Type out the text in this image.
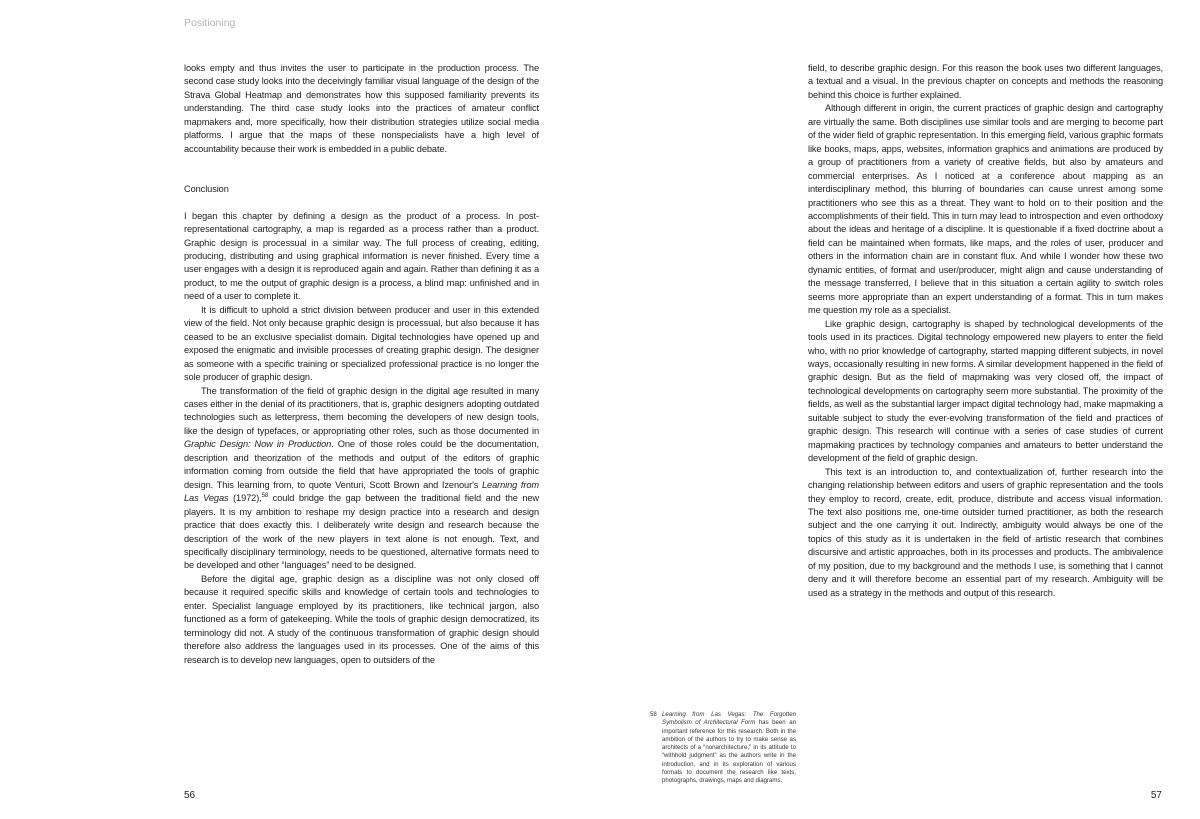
Positioning

looks empty and thus invites the user to participate in the production process. The second case study looks into the deceivingly familiar visual language of the design of the Strava Global Heatmap and demonstrates how this supposed familiarity prevents its understanding. The third case study looks into the practices of amateur conflict mapmakers and, more specifically, how their distribution strategies utilize social media platforms. I argue that the maps of these nonspecialists have a high level of accountability because their work is embedded in a public debate.

Conclusion

I began this chapter by defining a design as the product of a process. In post-representational cartography, a map is regarded as a process rather than a product. Graphic design is processual in a similar way. The full process of creating, editing, producing, distributing and using graphical information is never finished. Every time a user engages with a design it is reproduced again and again. Rather than defining it as a product, to me the output of graphic design is a process, a blind map: unfinished and in need of a user to complete it.

It is difficult to uphold a strict division between producer and user in this extended view of the field. Not only because graphic design is processual, but also because it has ceased to be an exclusive specialist domain. Digital technologies have opened up and exposed the enigmatic and invisible processes of creating graphic design. The designer as someone with a specific training or specialized professional practice is no longer the sole producer of graphic design.

The transformation of the field of graphic design in the digital age resulted in many cases either in the denial of its practitioners, that is, graphic designers adopting outdated technologies such as letterpress, them becoming the developers of new design tools, like the design of typefaces, or appropriating other roles, such as those documented in Graphic Design: Now in Production. One of those roles could be the documentation, description and theorization of the methods and output of the editors of graphic information coming from outside the field that have appropriated the tools of graphic design. This learning from, to quote Venturi, Scott Brown and Izenour's Learning from Las Vegas (1972),$^{58}$ could bridge the gap between the traditional field and the new players. It is my ambition to reshape my design practice into a research and design practice that does exactly this. I deliberately write design and research because the description of the work of the new players in text alone is not enough. Text, and specifically disciplinary terminology, needs to be questioned, alternative formats need to be developed and other “languages” need to be designed.

Before the digital age, graphic design as a discipline was not only closed off because it required specific skills and knowledge of certain tools and technologies to enter. Specialist language employed by its practitioners, like technical jargon, also functioned as a form of gatekeeping. While the tools of graphic design democratized, its terminology did not. A study of the continuous transformation of graphic design should therefore also address the languages used in its processes. One of the aims of this research is to develop new languages, open to outsiders of the

field, to describe graphic design. For this reason the book uses two different languages, a textual and a visual. In the previous chapter on concepts and methods the reasoning behind this choice is further explained.

Although different in origin, the current practices of graphic design and cartography are virtually the same. Both disciplines use similar tools and are merging to become part of the wider field of graphic representation. In this emerging field, various graphic formats like books, maps, apps, websites, information graphics and animations are produced by a group of practitioners from a variety of creative fields, but also by amateurs and commercial enterprises. As I noticed at a conference about mapping as an interdisciplinary method, this blurring of boundaries can cause unrest among some practitioners who see this as a threat. They want to hold on to their position and the accomplishments of their field. This in turn may lead to introspection and even orthodoxy about the ideas and heritage of a discipline. It is questionable if a fixed doctrine about a field can be maintained when formats, like maps, and the roles of user, producer and others in the information chain are in constant flux. And while I wonder how these two dynamic entities, of format and user/producer, might align and cause understanding of the message transferred, I believe that in this situation a certain agility to switch roles seems more appropriate than an expert understanding of a format. This in turn makes me question my role as a specialist.

Like graphic design, cartography is shaped by technological developments of the tools used in its practices. Digital technology empowered new players to enter the field who, with no prior knowledge of cartography, started mapping different subjects, in novel ways, occasionally resulting in new forms. A similar development happened in the field of graphic design. But as the field of mapmaking was very closed off, the impact of technological developments on cartography seem more substantial. The proximity of the fields, as well as the substantial larger impact digital technology had, make mapmaking a suitable subject to study the ever-evolving transformation of the field and practices of graphic design. This research will continue with a series of case studies of current mapmaking practices by technology companies and amateurs to better understand the development of the field of graphic design.

This text is an introduction to, and contextualization of, further research into the changing relationship between editors and users of graphic representation and the tools they employ to record, create, edit, produce, distribute and access visual information. The text also positions me, one-time outsider turned practitioner, as both the research subject and the one carrying it out. Indirectly, ambiguity would always be one of the topics of this study as it is undertaken in the field of artistic research that combines discursive and artistic approaches, both in its processes and products. The ambivalence of my position, due to my background and the methods I use, is something that I cannot deny and it will therefore become an essential part of my research. Ambiguity will be used as a strategy in the methods and output of this research.

58 Learning from Las Vegas: The Forgotten Symbolism of Architectural Form has been an important reference for this research. Both in the ambition of the authors to try to make sense as architects of a “nonarchitecture,” in its attitude to “withhold judgment” as the authors write in the introduction, and in its exploration of various formats to document the research like texts, photographs, drawings, maps and diagrams.
56	57
